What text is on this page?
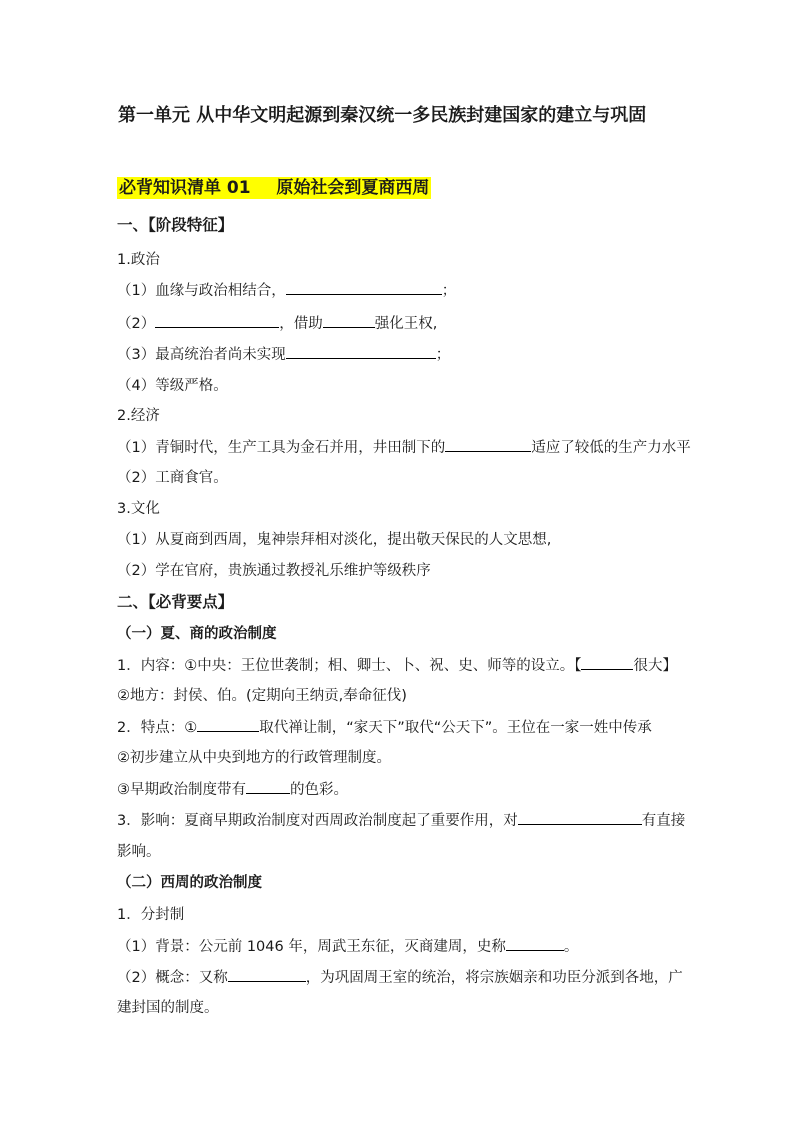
第一单元 从中华文明起源到秦汉统一多民族封建国家的建立与巩固
必背知识清单 01 原始社会到夏商西周
一、【阶段特征】
1.政治
（1）血缘与政治相结合，	；
（2）	，借助	强化王权,
（3）最高统治者尚未实现	；
（4）等级严格。
2.经济
（1）青铜时代，生产工具为金石并用，井田制下的	适应了较低的生产力水平
（2）工商食官。
3.文化
（1）从夏商到西周，鬼神崇拜相对淡化，提出敬天保民的人文思想,
（2）学在官府，贵族通过教授礼乐维护等级秩序
二、【必背要点】
（一）夏、商的政治制度
1．内容：①中央：王位世袭制；相、卿士、卜、祝、史、师等的设立。【	很大】
②地方：封侯、伯。(定期向王纳贡,奉命征伐)
2．特点：①	取代禅让制，“家天下”取代“公天下”。王位在一家一姓中传承
②初步建立从中央到地方的行政管理制度。
③早期政治制度带有	的色彩。
3．影响：夏商早期政治制度对西周政治制度起了重要作用，对	有直接
影响。
（二）西周的政治制度
1．分封制
（1）背景：公元前 1046 年，周武王东征，灭商建周，史称	。
（2）概念：又称	，为巩固周王室的统治，将宗族姻亲和功臣分派到各地，广
建封国的制度。
